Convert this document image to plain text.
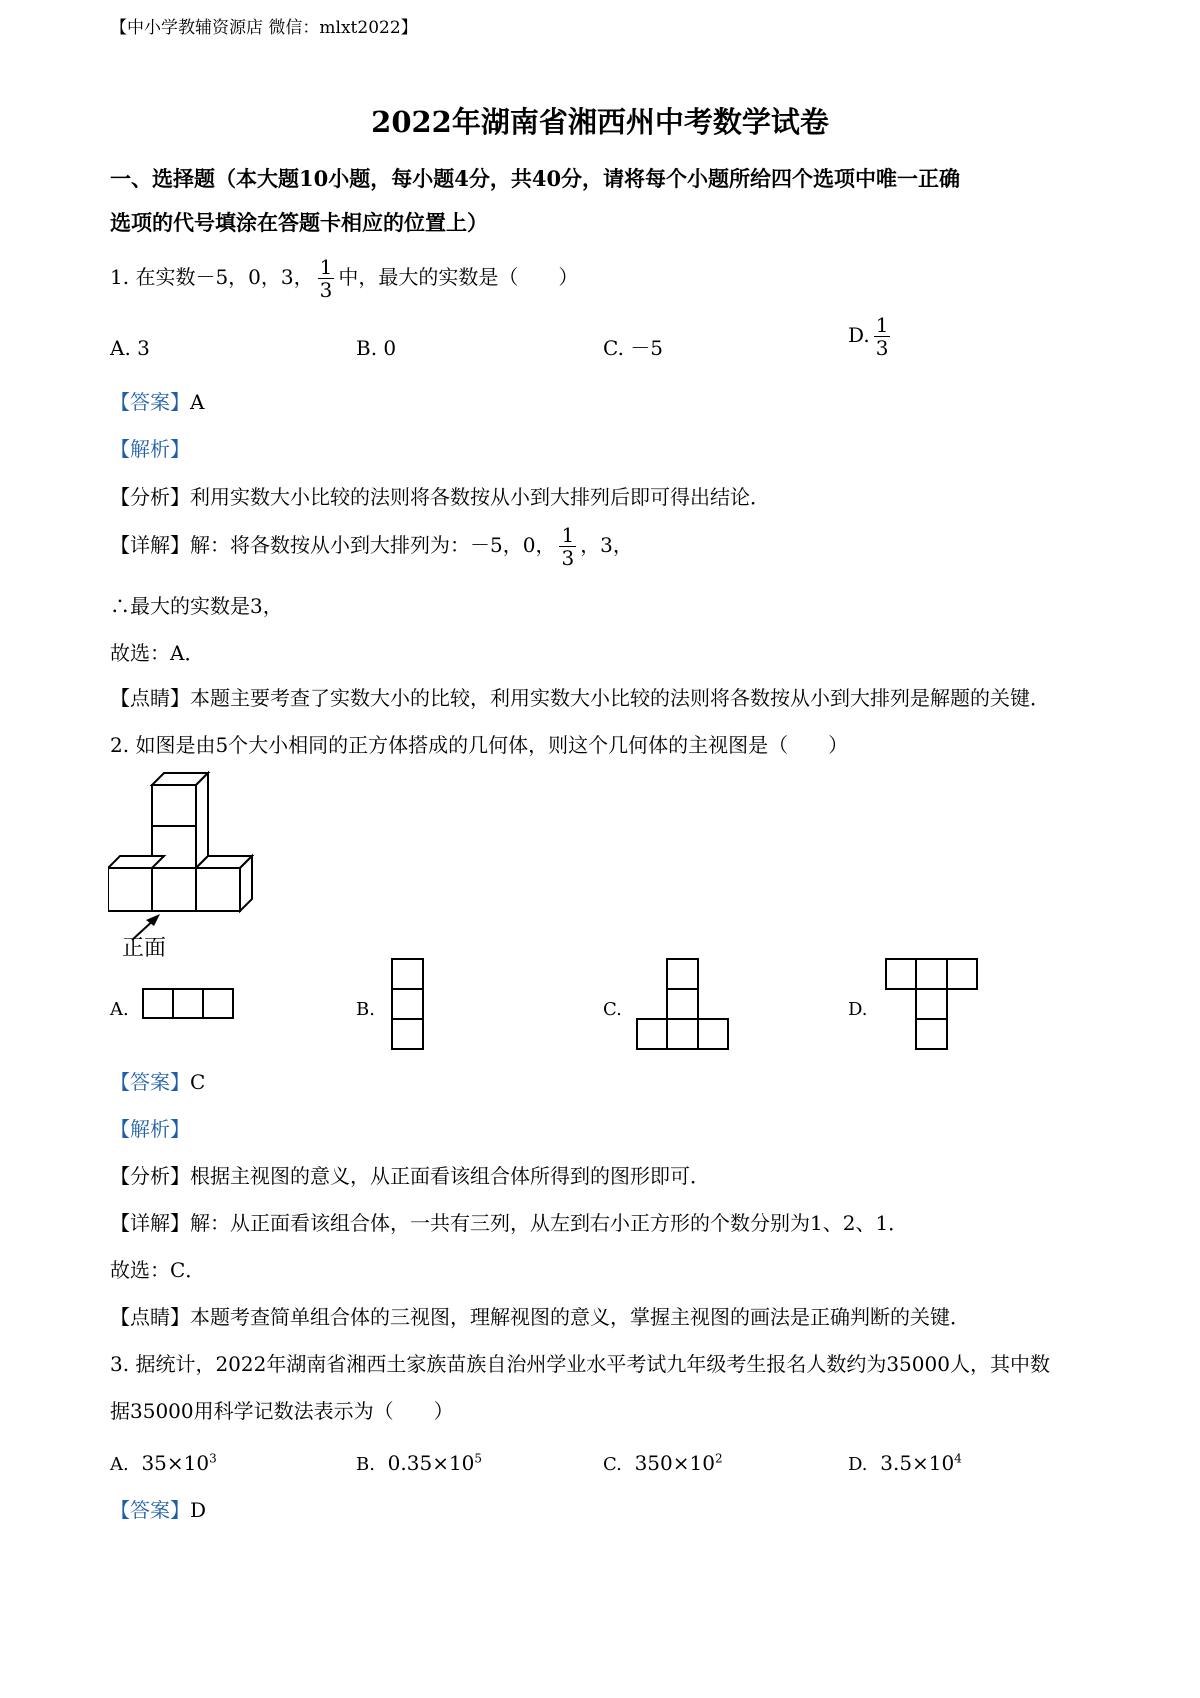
【中小学教辅资源店 微信：mlxt2022】
2022年湖南省湘西州中考数学试卷
一、选择题（本大题10小题，每小题4分，共40分，请将每个小题所给四个选项中唯一正确
选项的代号填涂在答题卡相应的位置上）
1. 在实数－5，0，3， $\frac{1}{3}$ 中，最大的实数是（　　）
A. 3	B. 0	C. －5
D. $\frac{1}{3}$
【答案】A
【解析】
【分析】利用实数大小比较的法则将各数按从小到大排列后即可得出结论．
【详解】解：将各数按从小到大排列为：－5，0， $\frac{1}{3}$ ，3，
∴最大的实数是3，
故选：A．
【点睛】本题主要考查了实数大小的比较，利用实数大小比较的法则将各数按从小到大排列是解题的关键．
2. 如图是由5个大小相同的正方体搭成的几何体，则这个几何体的主视图是（　　）
正面
A.	B.	C.	D.
【答案】C
【解析】
【分析】根据主视图的意义，从正面看该组合体所得到的图形即可．
【详解】解：从正面看该组合体，一共有三列，从左到右小正方形的个数分别为1、2、1．
故选：C．
【点睛】本题考查简单组合体的三视图，理解视图的意义，掌握主视图的画法是正确判断的关键．
3. 据统计，2022年湖南省湘西土家族苗族自治州学业水平考试九年级考生报名人数约为35000人，其中数
据35000用科学记数法表示为（　　）
A. $35\times 10^3$	B. $0.35\times 10^5$	C. $350\times 10^2$	D. $3.5\times 10^4$
【答案】D
